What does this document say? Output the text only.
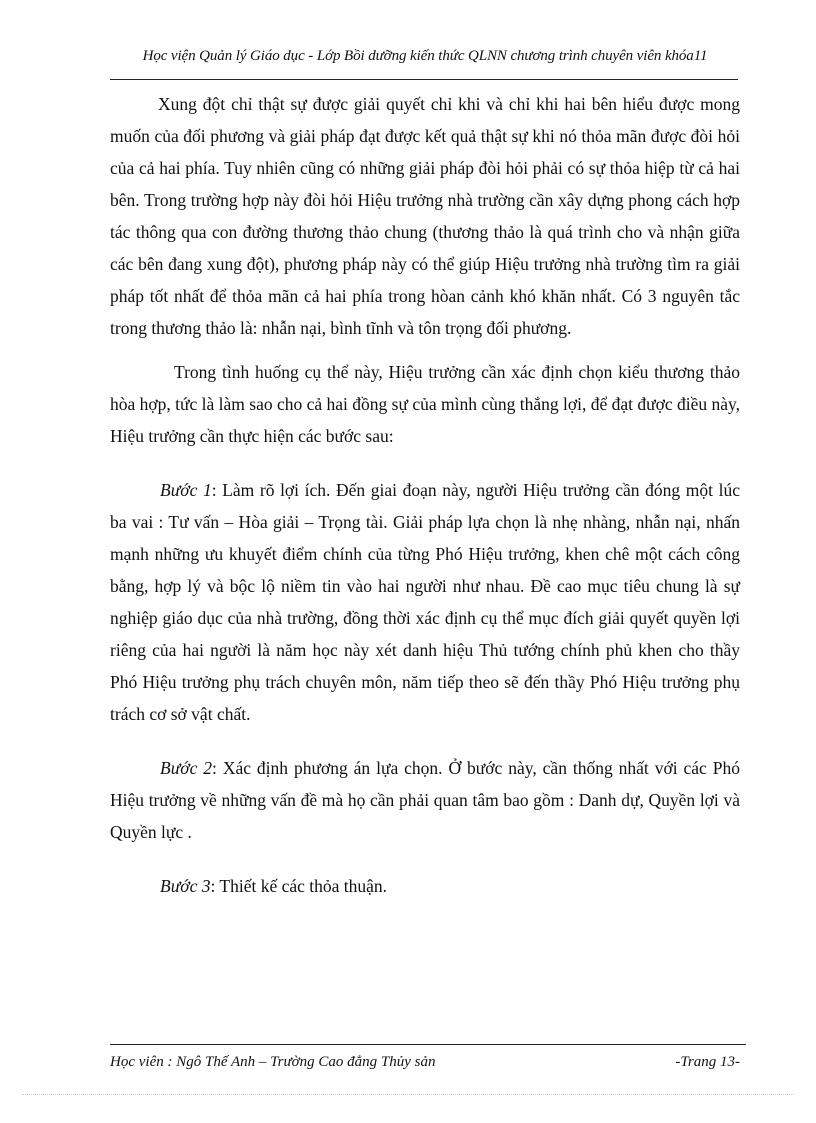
Học viện Quản lý Giáo dục - Lớp Bồi dưỡng kiến thức QLNN chương trình chuyên viên khóa11

Xung đột chỉ thật sự được giải quyết chỉ khi và chỉ khi hai bên hiểu được mong muốn của đối phương và giải pháp đạt được kết quả thật sự khi nó thỏa mãn được đòi hỏi của cả hai phía. Tuy nhiên cũng có những giải pháp đòi hỏi phải có sự thỏa hiệp từ cả hai bên. Trong trường hợp này đòi hỏi Hiệu trưởng nhà trường cần xây dựng phong cách hợp tác thông qua con đường thương thảo chung (thương thảo là quá trình cho và nhận giữa các bên đang xung đột), phương pháp này có thể giúp Hiệu trưởng nhà trường tìm ra giải pháp tốt nhất để thỏa mãn cả hai phía trong hòan cảnh khó khăn nhất. Có 3 nguyên tắc trong thương thảo là: nhẫn nại, bình tĩnh và tôn trọng đối phương.

Trong tình huống cụ thể này, Hiệu trưởng cần xác định chọn kiểu thương thảo hòa hợp, tức là làm sao cho cả hai đồng sự của mình cùng thắng lợi, để đạt được điều này, Hiệu trưởng cần thực hiện các bước sau:

Bước 1: Làm rõ lợi ích. Đến giai đoạn này, người Hiệu trưởng cần đóng một lúc ba vai : Tư vấn – Hòa giải – Trọng tài. Giải pháp lựa chọn là nhẹ nhàng, nhẫn nại, nhấn mạnh những ưu khuyết điểm chính của từng Phó Hiệu trưởng, khen chê một cách công bằng, hợp lý và bộc lộ niềm tin vào hai người như nhau. Đề cao mục tiêu chung là sự nghiệp giáo dục của nhà trường, đồng thời xác định cụ thể mục đích giải quyết quyền lợi riêng của hai người là năm học này xét danh hiệu Thủ tướng chính phủ khen cho thầy Phó Hiệu trưởng phụ trách chuyên môn, năm tiếp theo sẽ đến thầy Phó Hiệu trưởng phụ trách cơ sở vật chất.

Bước 2: Xác định phương án lựa chọn. Ở bước này, cần thống nhất với các Phó Hiệu trưởng về những vấn đề mà họ cần phải quan tâm bao gồm : Danh dự, Quyền lợi và Quyền lực .

Bước 3: Thiết kế các thỏa thuận.

Học viên : Ngô Thế Anh – Trường Cao đẳng Thủy sản	-Trang 13-
